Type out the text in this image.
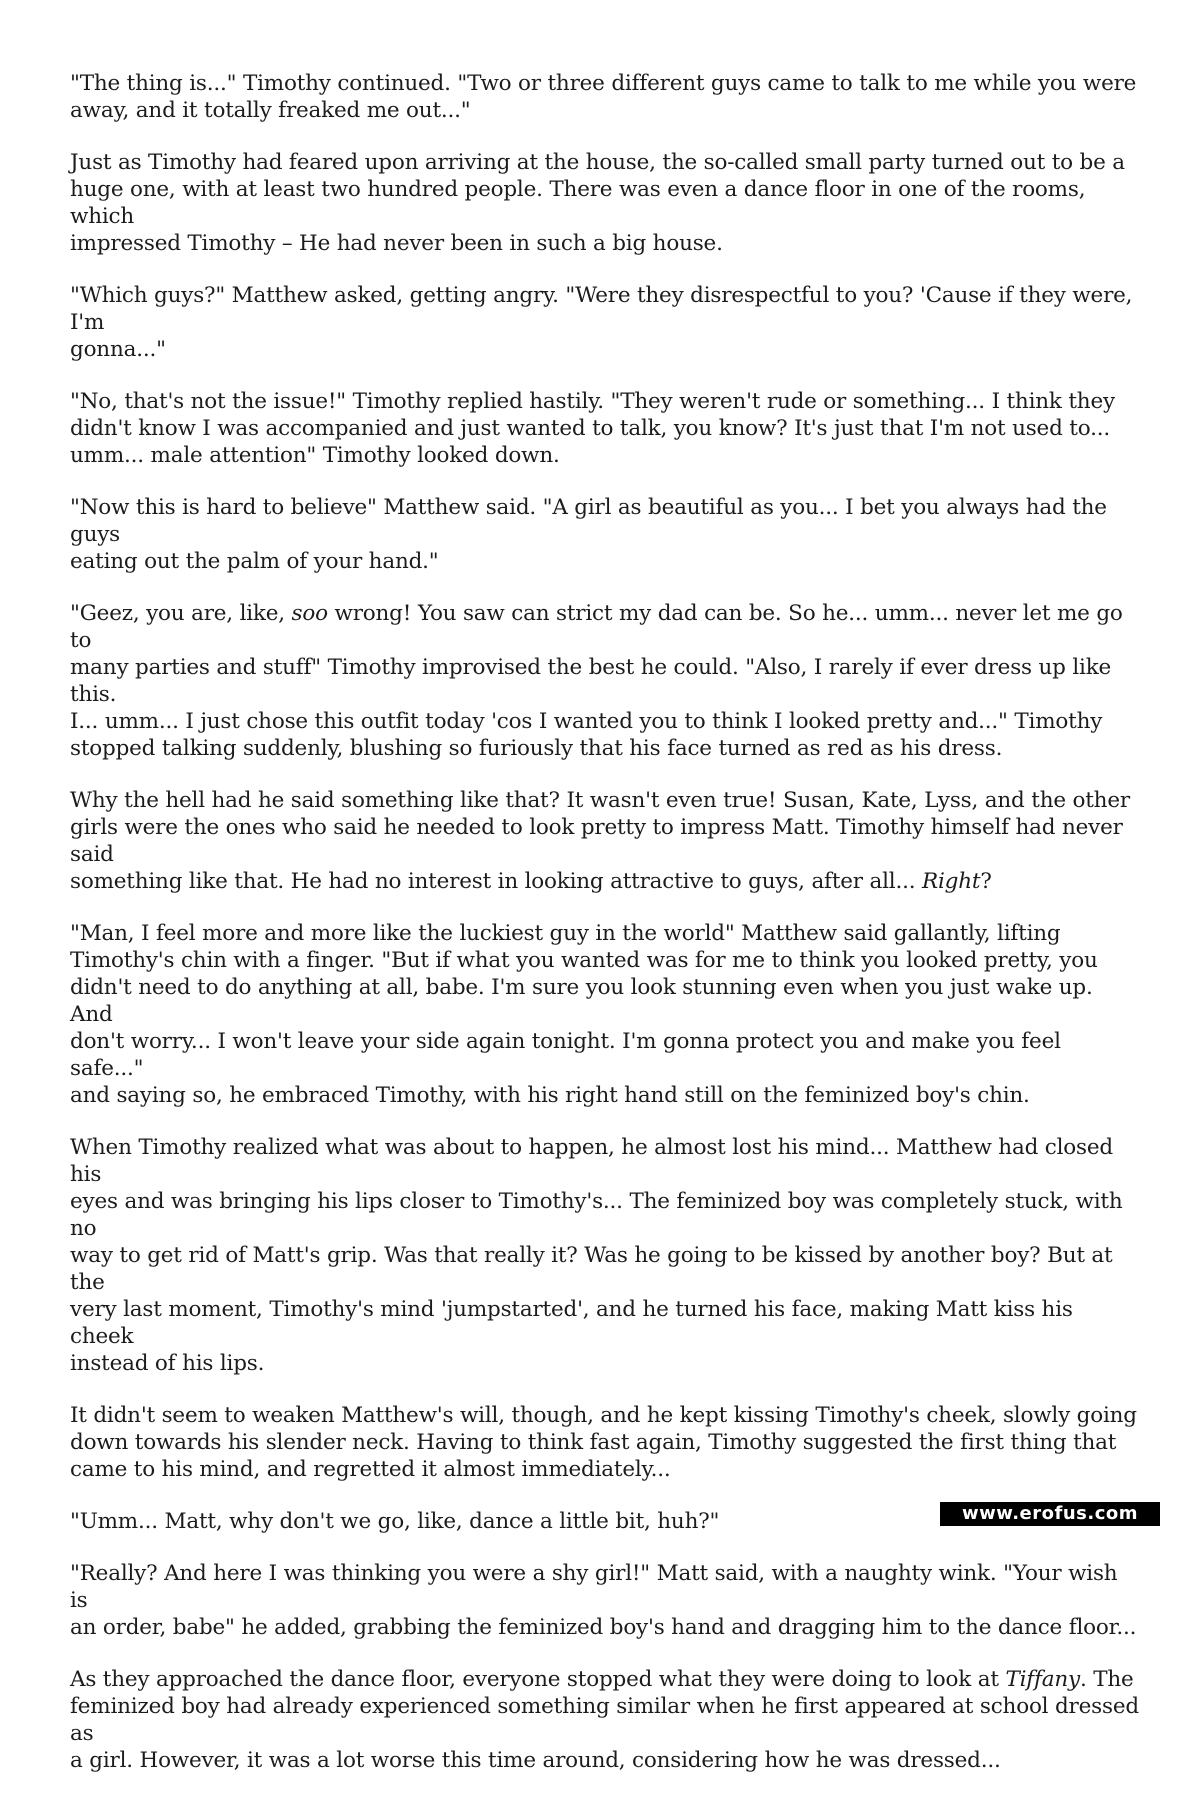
"The thing is..." Timothy continued. "Two or three different guys came to talk to me while you were
away, and it totally freaked me out..."

Just as Timothy had feared upon arriving at the house, the so-called small party turned out to be a
huge one, with at least two hundred people. There was even a dance floor in one of the rooms, which
impressed Timothy – He had never been in such a big house.

"Which guys?" Matthew asked, getting angry. "Were they disrespectful to you? 'Cause if they were, I'm
gonna..."

"No, that's not the issue!" Timothy replied hastily. "They weren't rude or something... I think they
didn't know I was accompanied and just wanted to talk, you know? It's just that I'm not used to...
umm... male attention" Timothy looked down.

"Now this is hard to believe" Matthew said. "A girl as beautiful as you... I bet you always had the guys
eating out the palm of your hand."

"Geez, you are, like, soo wrong! You saw can strict my dad can be. So he... umm... never let me go to
many parties and stuff" Timothy improvised the best he could. "Also, I rarely if ever dress up like this.
I... umm... I just chose this outfit today 'cos I wanted you to think I looked pretty and..." Timothy
stopped talking suddenly, blushing so furiously that his face turned as red as his dress.

Why the hell had he said something like that? It wasn't even true! Susan, Kate, Lyss, and the other
girls were the ones who said he needed to look pretty to impress Matt. Timothy himself had never said
something like that. He had no interest in looking attractive to guys, after all... Right?

"Man, I feel more and more like the luckiest guy in the world" Matthew said gallantly, lifting
Timothy's chin with a finger. "But if what you wanted was for me to think you looked pretty, you
didn't need to do anything at all, babe. I'm sure you look stunning even when you just wake up. And
don't worry... I won't leave your side again tonight. I'm gonna protect you and make you feel safe..."
and saying so, he embraced Timothy, with his right hand still on the feminized boy's chin.

When Timothy realized what was about to happen, he almost lost his mind... Matthew had closed his
eyes and was bringing his lips closer to Timothy's... The feminized boy was completely stuck, with no
way to get rid of Matt's grip. Was that really it? Was he going to be kissed by another boy? But at the
very last moment, Timothy's mind 'jumpstarted', and he turned his face, making Matt kiss his cheek
instead of his lips.

It didn't seem to weaken Matthew's will, though, and he kept kissing Timothy's cheek, slowly going
down towards his slender neck. Having to think fast again, Timothy suggested the first thing that
came to his mind, and regretted it almost immediately...

"Umm... Matt, why don't we go, like, dance a little bit, huh?"

"Really? And here I was thinking you were a shy girl!" Matt said, with a naughty wink. "Your wish is
an order, babe" he added, grabbing the feminized boy's hand and dragging him to the dance floor...

As they approached the dance floor, everyone stopped what they were doing to look at Tiffany. The
feminized boy had already experienced something similar when he first appeared at school dressed as
a girl. However, it was a lot worse this time around, considering how he was dressed...

www.erofus.com
